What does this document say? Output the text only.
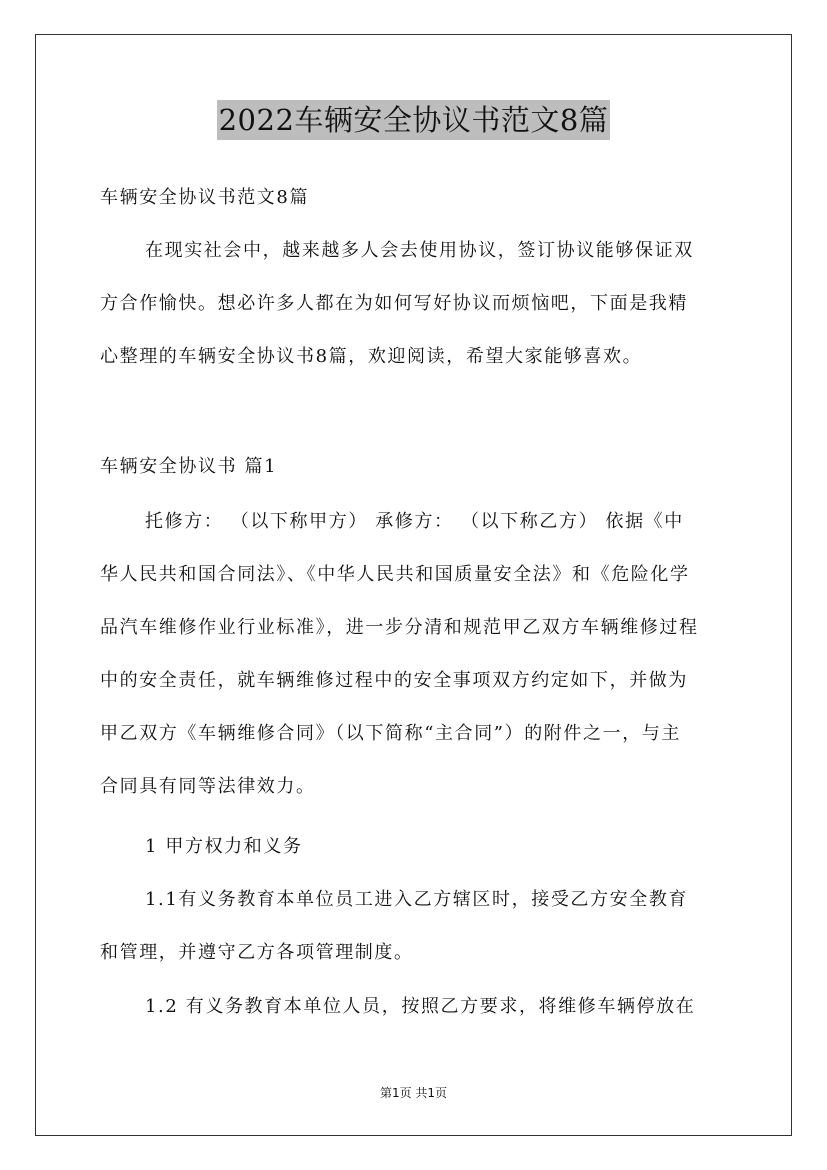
2022车辆安全协议书范文8篇
车辆安全协议书范文8篇
在现实社会中，越来越多人会去使用协议，签订协议能够保证双
方合作愉快。想必许多人都在为如何写好协议而烦恼吧，下面是我精
心整理的车辆安全协议书8篇，欢迎阅读，希望大家能够喜欢。
车辆安全协议书 篇1
托修方： （以下称甲方） 承修方： （以下称乙方） 依据《中
华人民共和国合同法》、《中华人民共和国质量安全法》和《危险化学
品汽车维修作业行业标准》，进一步分清和规范甲乙双方车辆维修过程
中的安全责任，就车辆维修过程中的安全事项双方约定如下，并做为
甲乙双方《车辆维修合同》（以下简称“主合同”）的附件之一，与主
合同具有同等法律效力。
1 甲方权力和义务
1.1有义务教育本单位员工进入乙方辖区时，接受乙方安全教育
和管理，并遵守乙方各项管理制度。
1.2 有义务教育本单位人员，按照乙方要求，将维修车辆停放在
第1页 共1页
